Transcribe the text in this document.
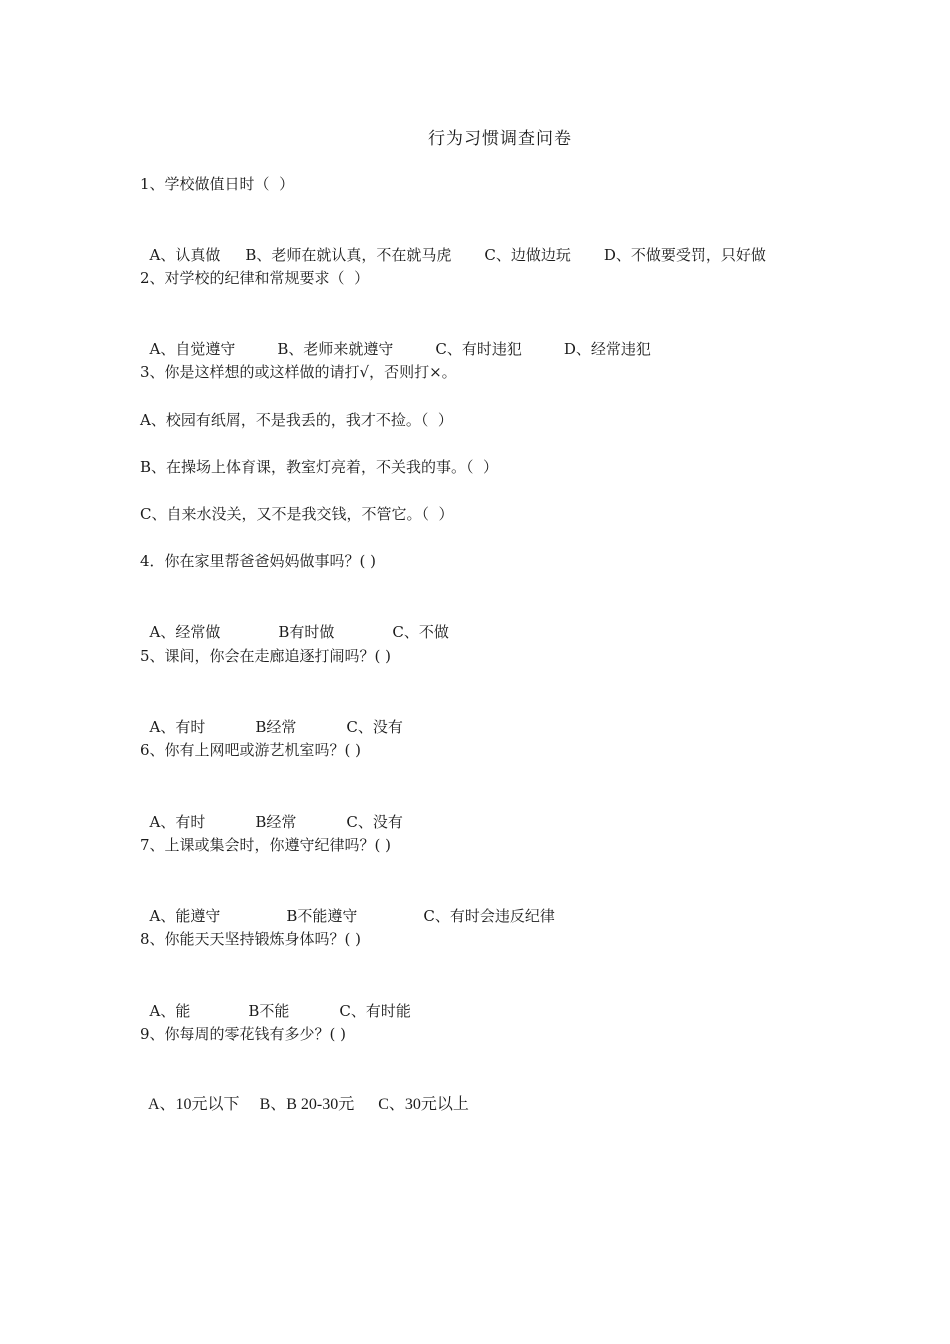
行为习惯调查问卷
1、学校做值日时（  ）

A、认真做 B、老师在就认真，不在就马虎 C、边做边玩 D、不做要受罚，只好做

2、对学校的纪律和常规要求（  ）

A、自觉遵守	B、老师来就遵守	C、有时违犯	D、经常违犯

3、你是这样想的或这样做的请打√，否则打×。
A、校园有纸屑，不是我丢的，我才不捡。（  ）
B、在操场上体育课，教室灯亮着，不关我的事。（  ）
C、自来水没关，又不是我交钱，不管它。（  ）
4．你在家里帮爸爸妈妈做事吗？( )

A、经常做	B有时做	C、不做

5、课间，你会在走廊追逐打闹吗？( )

A、有时	B经常	C、没有

6、你有上网吧或游艺机室吗？( )

A、有时	B经常	C、没有

7、上课或集会时，你遵守纪律吗？( )

A、能遵守	B不能遵守	C、有时会违反纪律

8、你能天天坚持锻炼身体吗？( )

A、能	B不能	C、有时能

9、你每周的零花钱有多少？( )

A、10元以下 B、B 20-30元 C、30元以上
